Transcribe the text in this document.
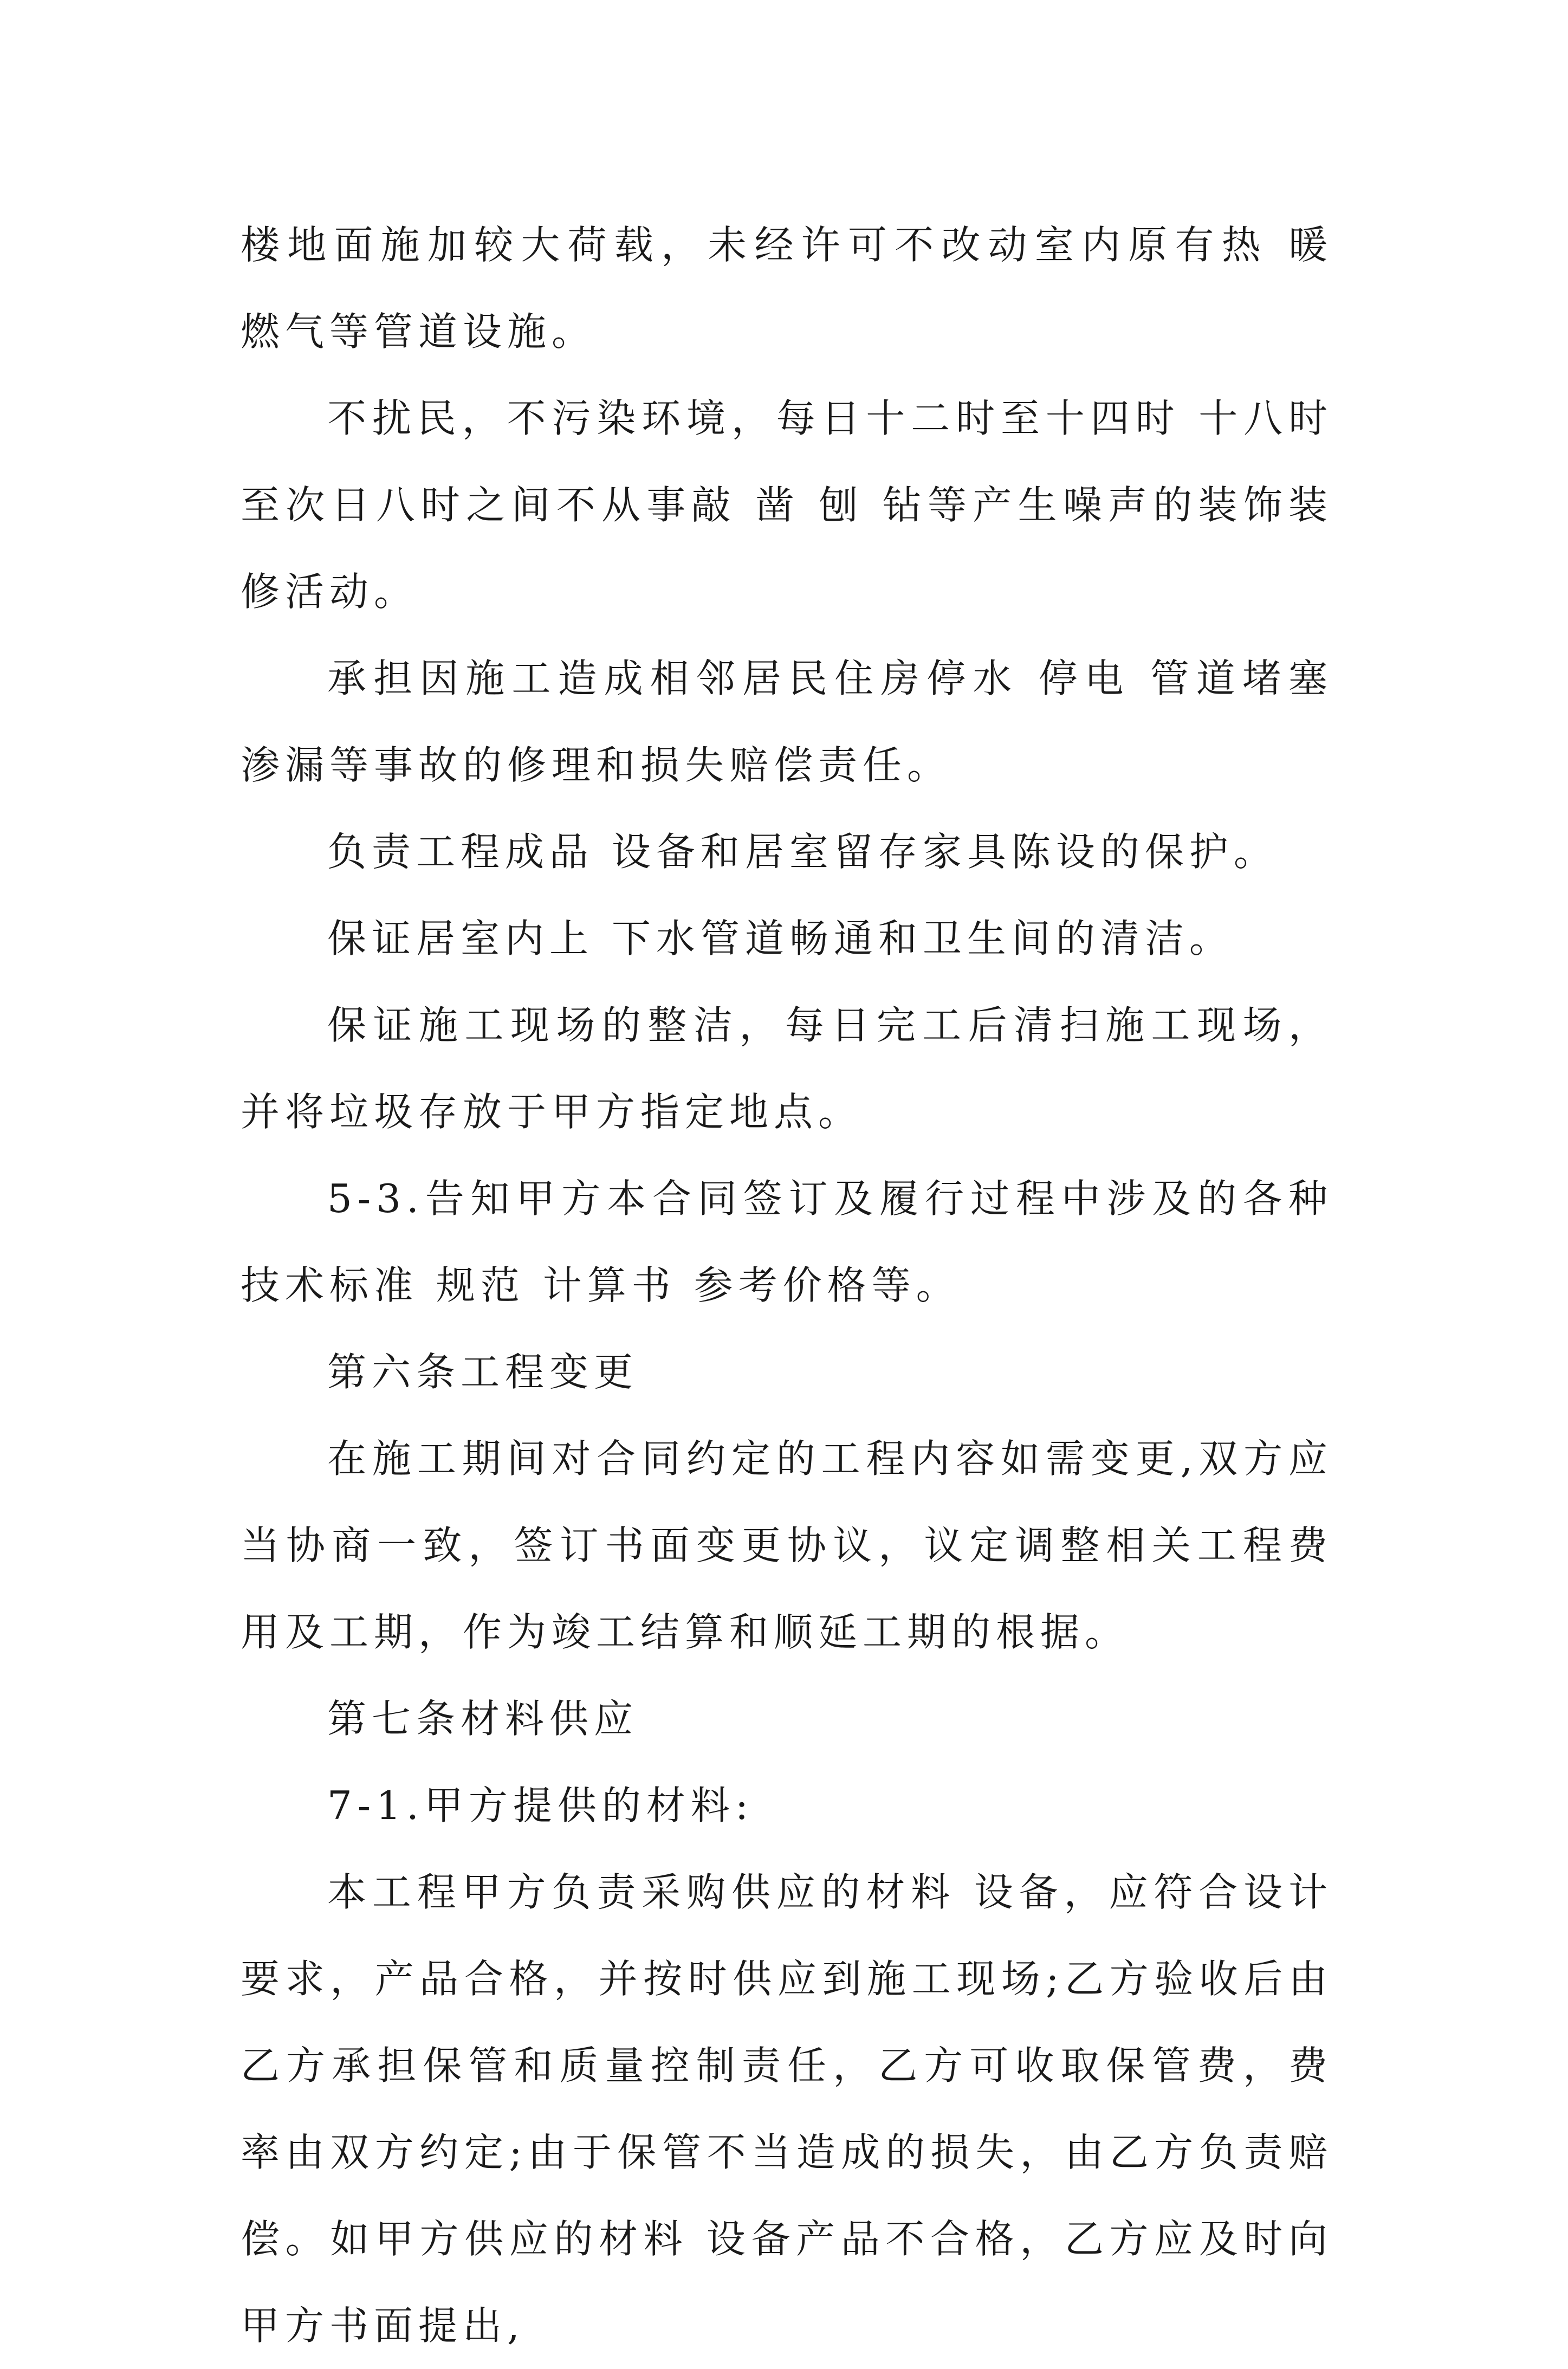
楼地面施加较大荷载，未经许可不改动室内原有热 暖 燃气等管道设施。

不扰民，不污染环境，每日十二时至十四时 十八时至次日八时之间不从事敲 凿 刨 钻等产生噪声的装饰装修活动。

承担因施工造成相邻居民住房停水 停电 管道堵塞 渗漏等事故的修理和损失赔偿责任。

负责工程成品 设备和居室留存家具陈设的保护。

保证居室内上 下水管道畅通和卫生间的清洁。

保证施工现场的整洁，每日完工后清扫施工现场，并将垃圾存放于甲方指定地点。

5-3.告知甲方本合同签订及履行过程中涉及的各种技术标准 规范 计算书 参考价格等。

第六条工程变更

在施工期间对合同约定的工程内容如需变更,双方应当协商一致，签订书面变更协议，议定调整相关工程费用及工期，作为竣工结算和顺延工期的根据。

第七条材料供应

7-1.甲方提供的材料:

本工程甲方负责采购供应的材料 设备，应符合设计要求，产品合格，并按时供应到施工现场;乙方验收后由乙方承担保管和质量控制责任，乙方可收取保管费，费率由双方约定;由于保管不当造成的损失，由乙方负责赔偿。如甲方供应的材料 设备产品不合格，乙方应及时向甲方书面提出,
